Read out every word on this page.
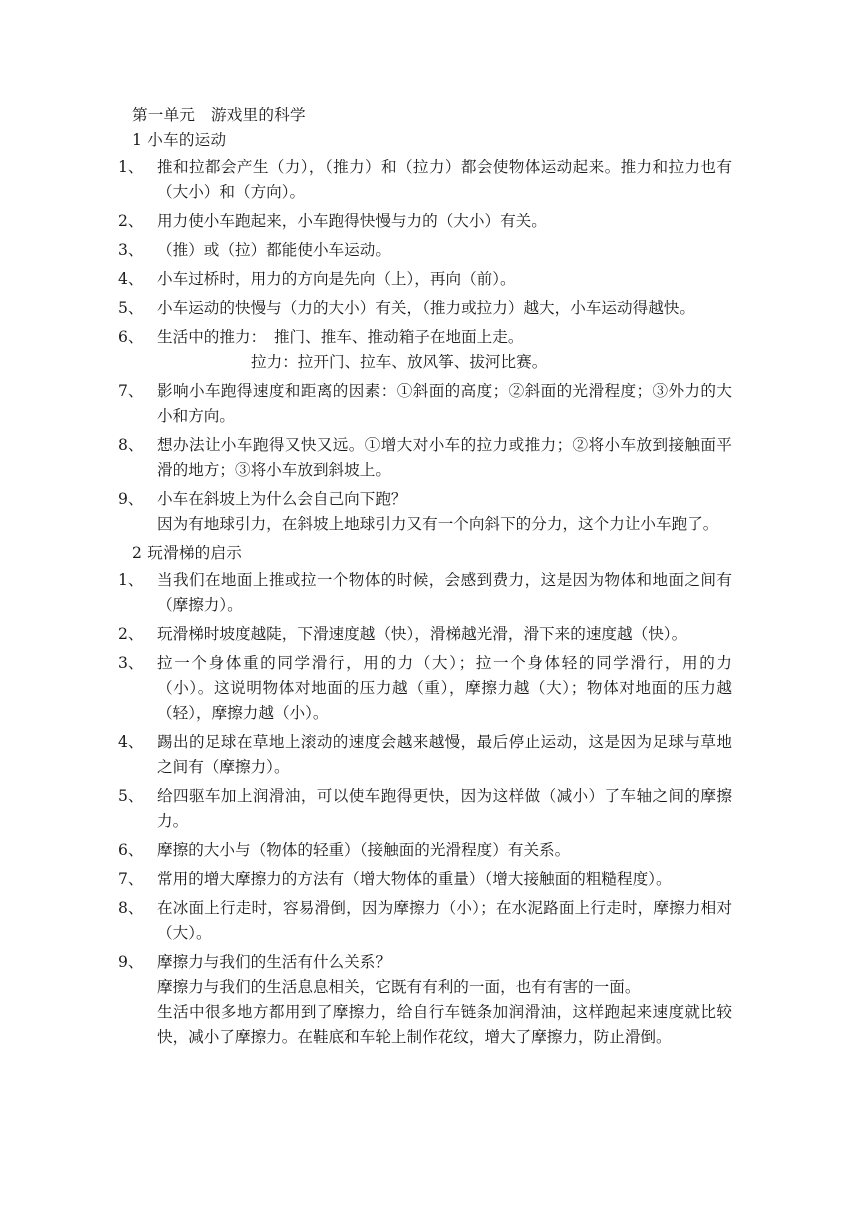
第一单元　游戏里的科学
1 小车的运动
1、 推和拉都会产生（力），（推力）和（拉力）都会使物体运动起来。推力和拉力也有（大小）和（方向）。
2、 用力使小车跑起来，小车跑得快慢与力的（大小）有关。
3、 （推）或（拉）都能使小车运动。
4、 小车过桥时，用力的方向是先向（上），再向（前）。
5、 小车运动的快慢与（力的大小）有关，（推力或拉力）越大，小车运动得越快。
6、 生活中的推力：　推门、推车、推动箱子在地面上走。
拉力：拉开门、拉车、放风筝、拔河比赛。
7、 影响小车跑得速度和距离的因素：①斜面的高度；②斜面的光滑程度；③外力的大小和方向。
8、 想办法让小车跑得又快又远。①增大对小车的拉力或推力；②将小车放到接触面平滑的地方；③将小车放到斜坡上。
9、 小车在斜坡上为什么会自己向下跑？
因为有地球引力，在斜坡上地球引力又有一个向斜下的分力，这个力让小车跑了。
2 玩滑梯的启示
1、 当我们在地面上推或拉一个物体的时候，会感到费力，这是因为物体和地面之间有（摩擦力）。
2、 玩滑梯时坡度越陡，下滑速度越（快），滑梯越光滑，滑下来的速度越（快）。
3、 拉一个身体重的同学滑行，用的力（大）；拉一个身体轻的同学滑行，用的力（小）。这说明物体对地面的压力越（重），摩擦力越（大）；物体对地面的压力越（轻），摩擦力越（小）。
4、 踢出的足球在草地上滚动的速度会越来越慢，最后停止运动，这是因为足球与草地之间有（摩擦力）。
5、 给四驱车加上润滑油，可以使车跑得更快，因为这样做（减小）了车轴之间的摩擦力。
6、 摩擦的大小与（物体的轻重）（接触面的光滑程度）有关系。
7、 常用的增大摩擦力的方法有（增大物体的重量）（增大接触面的粗糙程度）。
8、 在冰面上行走时，容易滑倒，因为摩擦力（小）；在水泥路面上行走时，摩擦力相对（大）。
9、 摩擦力与我们的生活有什么关系？
摩擦力与我们的生活息息相关，它既有有利的一面，也有有害的一面。
生活中很多地方都用到了摩擦力，给自行车链条加润滑油，这样跑起来速度就比较快，减小了摩擦力。在鞋底和车轮上制作花纹，增大了摩擦力，防止滑倒。
